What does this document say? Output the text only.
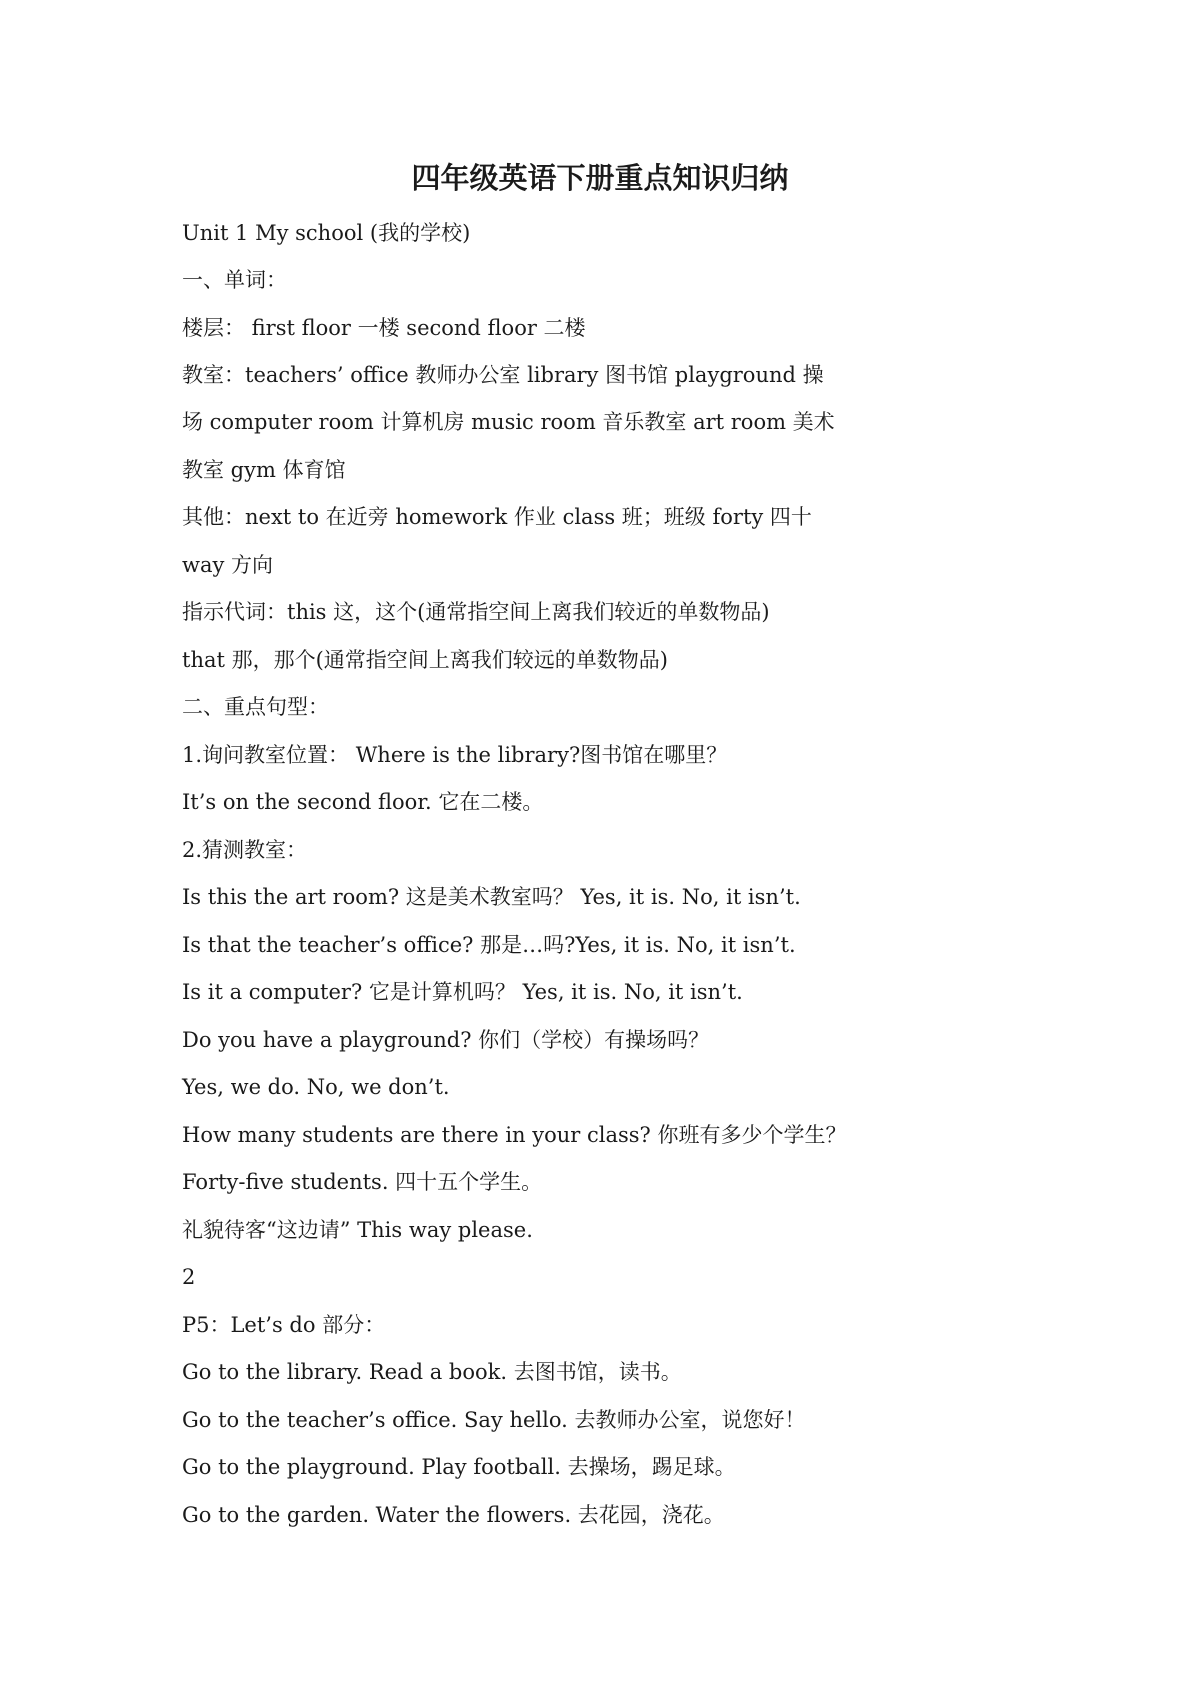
四年级英语下册重点知识归纳
Unit 1 My school (我的学校)
一、单词：
楼层： first floor 一楼 second floor 二楼
教室：teachers’ office 教师办公室 library 图书馆 playground 操
场 computer room 计算机房 music room 音乐教室 art room 美术
教室 gym 体育馆
其他：next to 在近旁 homework 作业 class 班；班级 forty 四十
way 方向
指示代词：this 这，这个(通常指空间上离我们较近的单数物品)
that 那，那个(通常指空间上离我们较远的单数物品)
二、重点句型：
1.询问教室位置： Where is the library?图书馆在哪里？
It’s on the second floor. 它在二楼。
2.猜测教室：
Is this the art room? 这是美术教室吗？ Yes, it is. No, it isn’t.
Is that the teacher’s office? 那是…吗?Yes, it is. No, it isn’t.
Is it a computer? 它是计算机吗？ Yes, it is. No, it isn’t.
Do you have a playground? 你们（学校）有操场吗？
Yes, we do. No, we don’t.
How many students are there in your class? 你班有多少个学生？
Forty-five students. 四十五个学生。
礼貌待客“这边请” This way please.
2
P5：Let’s do 部分：
Go to the library. Read a book. 去图书馆，读书。
Go to the teacher’s office. Say hello. 去教师办公室，说您好！
Go to the playground. Play football. 去操场，踢足球。
Go to the garden. Water the flowers. 去花园，浇花。
